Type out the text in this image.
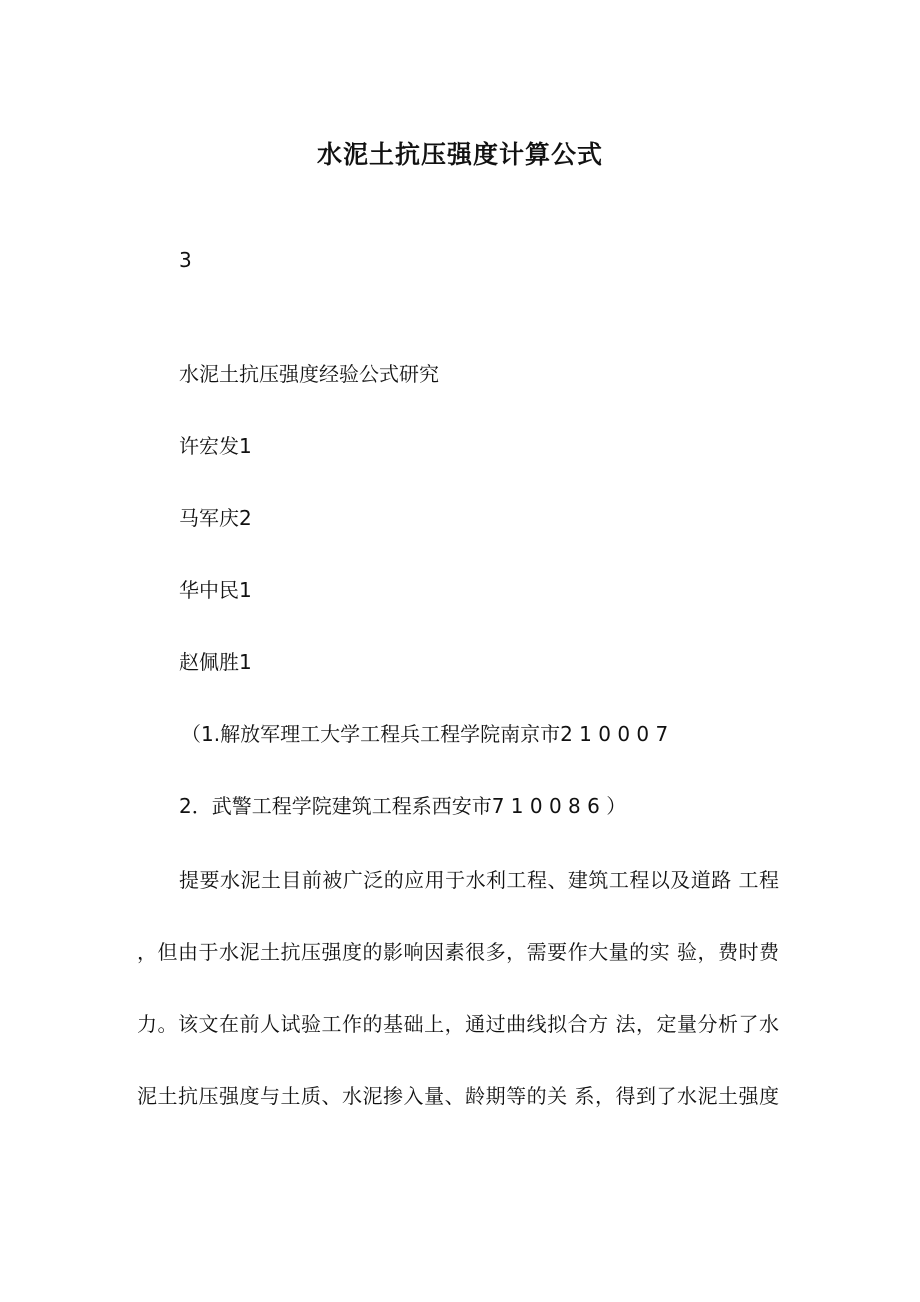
水泥土抗压强度计算公式
3
水泥土抗压强度经验公式研究
许宏发1
马军庆2
华中民1
赵佩胜1
（1.解放军理工大学工程兵工程学院南京市2 1 0 0 0 7
2．武警工程学院建筑工程系西安市7 1 0 0 8 6 ）
提要水泥土目前被广泛的应用于水利工程、建筑工程以及道路 工程
，但由于水泥土抗压强度的影响因素很多，需要作大量的实 验，费时费
力。该文在前人试验工作的基础上，通过曲线拟合方 法，定量分析了水
泥土抗压强度与土质、水泥掺入量、龄期等的关 系，得到了水泥土强度
